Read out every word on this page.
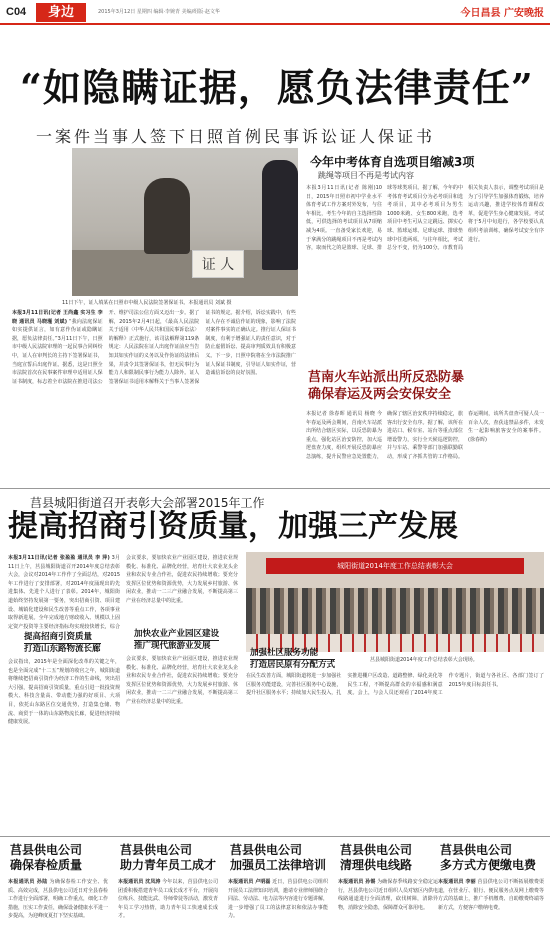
C04	身边	2015年3月12日 星期四 编辑·李婉青 美编/组版·赵文华	今日昌县 广安晚报
“如隐瞒证据，愿负法律责任”
一案件当事人签下日照首例民事诉讼证人保证书
证 人
11日下午，证人填某在日照市中级人民法院签署保证书。本报通讯员 刘斌 摄
本报3月11日讯(记者 王尚鑫 实习生 李晓 通讯员 马晓瑾 刘斌) “我向法庭保证如实提供证言，如有意作伪证或隐瞒证据，愿负法律责任。”3月11日下午，日照市中级人民法院审理的一起民事合同纠纷中，证人在审判长的主持下签署保证书，当庭宣誓后出庭作证。据悉，这是日照全市法院首次在民事案件审理中适用证人保证书制度，标志着全市法院在推进司法公开、维护司法公信方面又迈出一步。据了解，2015年2月4日起，《最高人民法院关于适用〈中华人民共和国民事诉讼法〉的解释》正式施行，该司法解释第119条规定：人民法院在证人出庭作证前应当告知其如实作证的义务以及作伪证的法律后果，并责令其签署保证书，但无民事行为能力人和限制民事行为能力人除外。证人签署保证书适用本解释关于当事人签署保证书的规定。据介绍，诉讼实践中，有些证人存在不诚信作证的现象，影响了法院对案件事实的正确认定。推行证人保证书制度，有利于增强证人的责任意识，对于防止虚假诉讼、提高审判质效具有积极意义。下一步，日照中院将在全市法院推广证人保证书制度，引导证人如实作证，营造诚信诉讼的良好氛围。
今年中考体育自选项目缩减3项
跳绳等项目不再是考试内容
本报3月11日讯(记者 陈刚)10日，2015年日照市初中学业水平体育考试工作方案对外发布，与往年相比，考生今年的自主选择性降低，可供选择的考试项目从7项缩减为4项。一直备受家长欢迎，易于拿满分的跳绳项目不再是考试内容，取而代之的是篮球、足球、排球等球类项目。据了解，今年的中考体育考试项目分为必考项目和选考项目，其中必考项目为男生1000米跑、女生800米跑，选考项目中考生可从立定跳远、掷实心球、篮球运球、足球运球、排球垫球中任选两项。与往年相比，考试总分不变，仍为100分。市教育局相关负责人表示，调整考试项目是为了引导学生加强体育锻炼，培养运动兴趣，推进学校体育课程改革，促进学生身心健康发展。考试将于5月中旬进行，各学校要认真组织考前训练，确保考试安全有序进行。
莒南火车站派出所反恐防暴确保春运及两会安保安全
本报记者 徐春晖 通讯员 杨晓 今年春运及两会期间，莒南火车站派出所结合辖区实际，以反恐防暴为重点，强化站区治安防控，加大巡逻盘查力度，组织开展反恐防暴应急演练，提升民警应急处置能力，确保了辖区治安秩序持续稳定，旅客出行安全有序。据了解，该所在进站口、候车室、站台等重点部位增设警力，实行全天候巡逻防控，并与车站、乘警等部门加强联勤联动，形成了齐抓共管的工作格局。春运期间，该所共盘查可疑人员一百余人次，查获违禁品多件，未发生一起影响旅客安全的案事件。(徐春晖)
莒县城阳街道召开表彰大会部署2015年工作
提高招商引资质量，加强三产发展
本报3月11日讯(记者 张盈盈 通讯员 李 萍) 3月11日上午，莒县城阳街道召开2014年度总结表彰大会，会议对2014年工作作了全面总结，对2015年工作进行了安排部署，对2014年度涌现出的先进集体、先进个人进行了表彰。2014年，城阳街道始终坚持发展第一要务，突出招商引资、项目建设、城镇化建设和民生改善等重点工作，各项事业取得新进展。全年完成地方财政收入、规模以上固定资产投资等主要经济指标均实现较快增长，综合
提高招商引资质量
打造山东路物流长廊
会议指出，2015年是全面深化改革的关键之年，也是全面完成“十二五”规划的收官之年，城阳街道将继续把招商引资作为经济工作的生命线，突出招大引强，提高招商引资质量，重点引进一批投资规模大、科技含量高、带动能力强的好项目、大项目，依托山东路区位交通优势，打造集仓储、物流、商贸于一体的山东路物流长廊，促进经济持续健康发展。
会议要求，要加快农业产业园区建设，推进农业规模化、标准化、品牌化经营，培育壮大农业龙头企业和农民专业合作社，促进农民持续增收；要充分发挥区位优势和资源优势，大力发展乡村旅游、休闲农业，推动一二三产业融合发展，不断提高第三产业在经济总量中的比重。
加快农业产业园区建设
推广现代旅游业发展
会议要求，要加快农业产业园区建设，推进农业规模化、标准化、品牌化经营，培育壮大农业龙头企业和农民专业合作社，促进农民持续增收；要充分发挥区位优势和资源优势，大力发展乡村旅游、休闲农业，推动一二三产业融合发展，不断提高第三产业在经济总量中的比重。
城阳街道2014年度工作总结表彰大会
莒县城阳街道2014年度工作总结表彰大会现场。
加强社区服务功能
打造居民原有分配方式
在民生改善方面，城阳街道将进一步加强社区服务功能建设，完善社区服务中心设施，提升社区服务水平；持续加大民生投入，扎实推进棚户区改造、道路整修、绿化美化等民生工程，不断提高群众的幸福感和满意度。会上，与会人员还观看了2014年度工作专题片，街道与各社区、各部门签订了2015年度目标责任书。
莒县供电公司
确保春检质量
本报通讯员 孙陆 为确保春检工作安全、优质、高效完成，莒县供电公司近日对全县春检工作进行全面部署，明确工作重点，细化工作措施，压实工作责任，确保设备健康水平进一步提高，为迎峰度夏打下坚实基础。
莒县供电公司
助力青年员工成才
本报通讯员 沈凤涛 今年以来，莒县供电公司团委积极搭建青年员工成长成才平台，开展岗位练兵、技能比武、导师带徒等活动，激发青年员工学习热情，助力青年员工快速成长成才。
莒县供电公司
加强员工法律培训
本报通讯员 卢明磊 近日，莒县供电公司组织开展员工法律知识培训，邀请专业律师围绕合同法、劳动法、电力法等内容进行专题讲解，进一步增强了员工的法律意识和依法办事能力。
莒县供电公司
清理供电线路
本报通讯员 孙锡 为确保春季线路安全稳定运行，莒县供电公司近日组织人员对辖区内供电线路通道进行全面清理，砍伐树障，清除异物，消除安全隐患，保障群众可靠用电。
莒县供电公司
多方式方便缴电费
本报通讯员 李丽 莒县供电公司不断拓展缴费渠道，在营业厅、银行、便民服务点及网上缴费等方式的基础上，推广手机缴费、自助缴费终端等新方式，方便客户缴纳电费。
